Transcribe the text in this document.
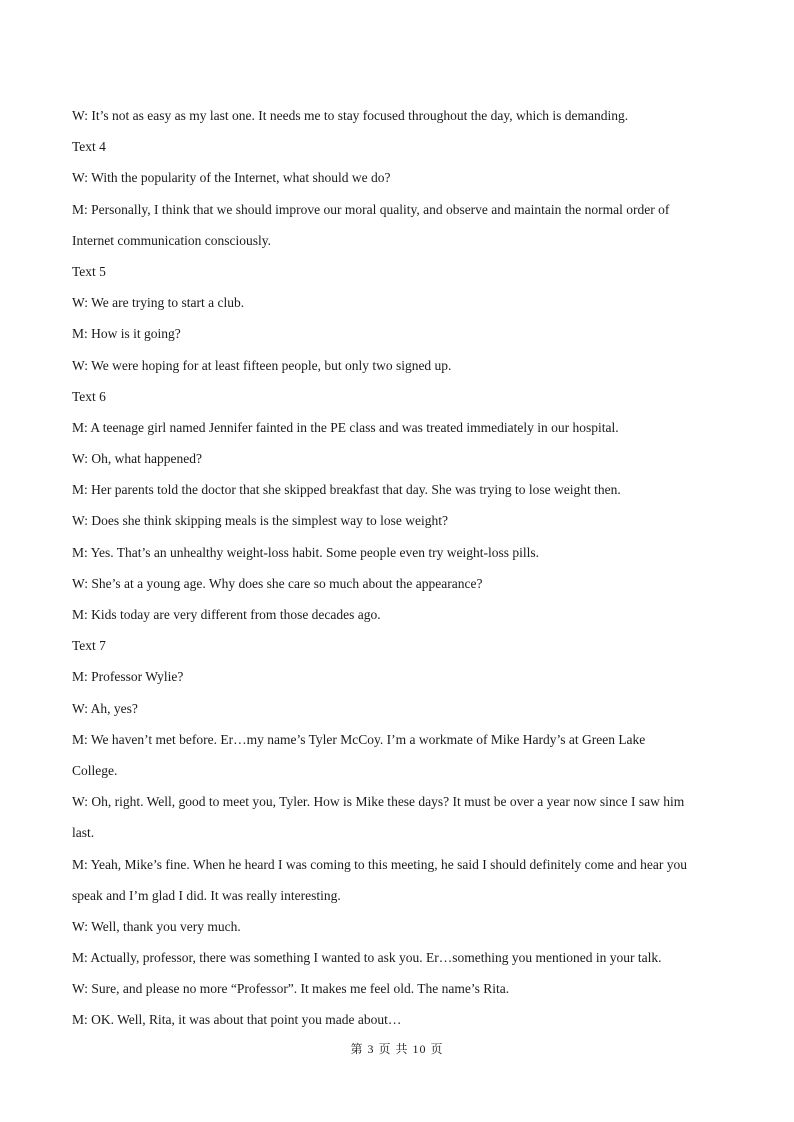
W: It’s not as easy as my last one. It needs me to stay focused throughout the day, which is demanding.
Text 4
W: With the popularity of the Internet, what should we do?
M: Personally, I think that we should improve our moral quality, and observe and maintain the normal order of
Internet communication consciously.
Text 5
W: We are trying to start a club.
M: How is it going?
W: We were hoping for at least fifteen people, but only two signed up.
Text 6
M: A teenage girl named Jennifer fainted in the PE class and was treated immediately in our hospital.
W: Oh, what happened?
M: Her parents told the doctor that she skipped breakfast that day. She was trying to lose weight then.
W: Does she think skipping meals is the simplest way to lose weight?
M: Yes. That’s an unhealthy weight-loss habit. Some people even try weight-loss pills.
W: She’s at a young age. Why does she care so much about the appearance?
M: Kids today are very different from those decades ago.
Text 7
M: Professor Wylie?
W: Ah, yes?
M: We haven’t met before. Er…my name’s Tyler McCoy. I’m a workmate of Mike Hardy’s at Green Lake
College.
W: Oh, right. Well, good to meet you, Tyler. How is Mike these days? It must be over a year now since I saw him
last.
M: Yeah, Mike’s fine. When he heard I was coming to this meeting, he said I should definitely come and hear you
speak and I’m glad I did. It was really interesting.
W: Well, thank you very much.
M: Actually, professor, there was something I wanted to ask you. Er…something you mentioned in your talk.
W: Sure, and please no more “Professor”. It makes me feel old. The name’s Rita.
M: OK. Well, Rita, it was about that point you made about…
第 3 页 共 10 页
